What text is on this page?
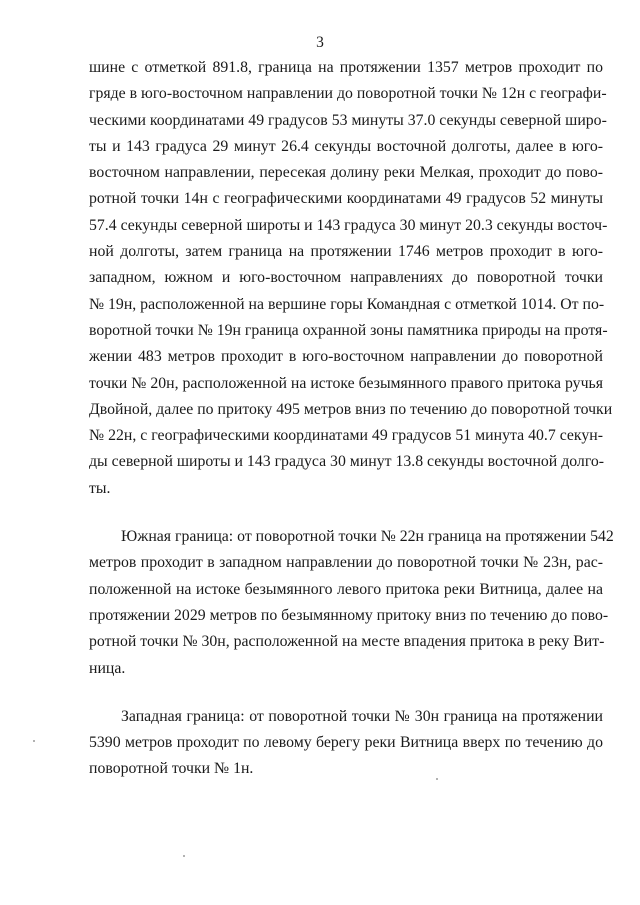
3
шине с отметкой 891.8, граница на протяжении 1357 метров проходит по
гряде в юго-восточном направлении до поворотной точки № 12н с географи-
ческими координатами 49 градусов 53 минуты 37.0 секунды северной широ-
ты и 143 градуса 29 минут 26.4 секунды восточной долготы, далее в юго-
восточном направлении, пересекая долину реки Мелкая, проходит до пово-
ротной точки 14н с географическими координатами 49 градусов 52 минуты
57.4 секунды северной широты и 143 градуса 30 минут 20.3 секунды восточ-
ной долготы, затем граница на протяжении 1746 метров проходит в юго-
западном, южном и юго-восточном направлениях до поворотной точки
№ 19н, расположенной на вершине горы Командная с отметкой 1014. От по-
воротной точки № 19н граница охранной зоны памятника природы на протя-
жении 483 метров проходит в юго-восточном направлении до поворотной
точки № 20н, расположенной на истоке безымянного правого притока ручья
Двойной, далее по притоку 495 метров вниз по течению до поворотной точки
№ 22н, с географическими координатами 49 градусов 51 минута 40.7 секун-
ды северной широты и 143 градуса 30 минут 13.8 секунды восточной долго-
ты.
Южная граница: от поворотной точки № 22н граница на протяжении 542
метров проходит в западном направлении до поворотной точки № 23н, рас-
положенной на истоке безымянного левого притока реки Витница, далее на
протяжении 2029 метров по безымянному притоку вниз по течению до пово-
ротной точки № 30н, расположенной на месте впадения притока в реку Вит-
ница.
Западная граница: от поворотной точки № 30н граница на протяжении
5390 метров проходит по левому берегу реки Витница вверх по течению до
поворотной точки № 1н.
